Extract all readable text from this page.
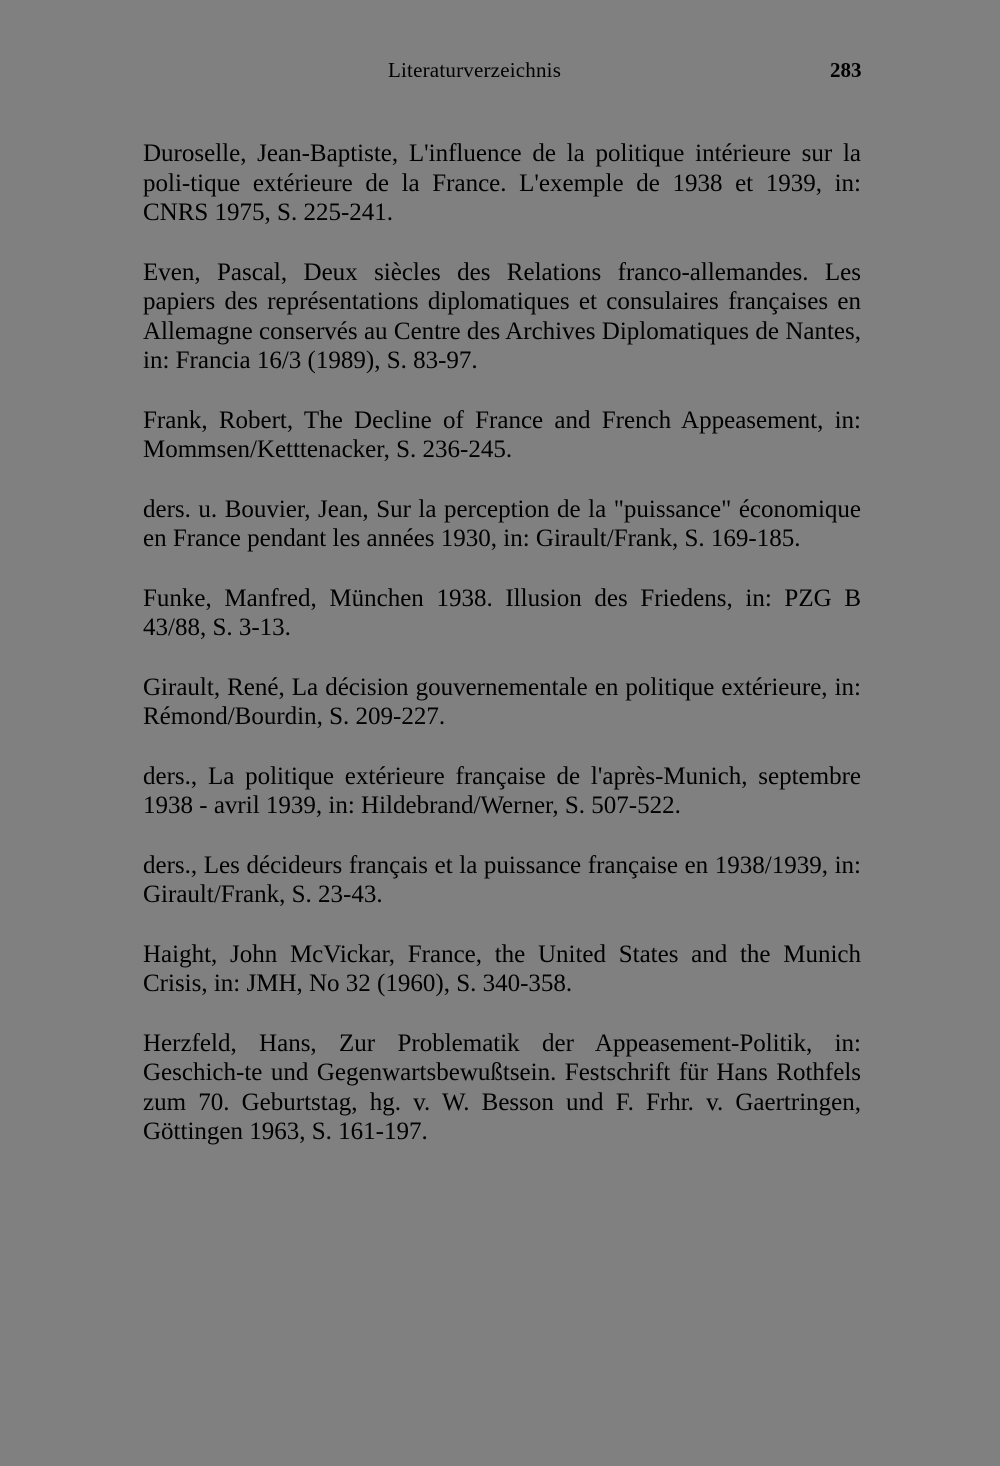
Literaturverzeichnis	283

Duroselle, Jean-Baptiste, L'influence de la politique intérieure sur la poli-tique extérieure de la France. L'exemple de 1938 et 1939, in: CNRS 1975, S. 225-241.

Even, Pascal, Deux siècles des Relations franco-allemandes. Les papiers des représentations diplomatiques et consulaires françaises en Allemagne conservés au Centre des Archives Diplomatiques de Nantes, in: Francia 16/3 (1989), S. 83-97.

Frank, Robert, The Decline of France and French Appeasement, in: Mommsen/Ketttenacker, S. 236-245.

ders. u. Bouvier, Jean, Sur la perception de la "puissance" économique en France pendant les années 1930, in: Girault/Frank, S. 169-185.

Funke, Manfred, München 1938. Illusion des Friedens, in: PZG B 43/88, S. 3-13.

Girault, René, La décision gouvernementale en politique extérieure, in: Rémond/Bourdin, S. 209-227.

ders., La politique extérieure française de l'après-Munich, septembre 1938 - avril 1939, in: Hildebrand/Werner, S. 507-522.

ders., Les décideurs français et la puissance française en 1938/1939, in: Girault/Frank, S. 23-43.

Haight, John McVickar, France, the United States and the Munich Crisis, in: JMH, No 32 (1960), S. 340-358.

Herzfeld, Hans, Zur Problematik der Appeasement-Politik, in: Geschich-te und Gegenwartsbewußtsein. Festschrift für Hans Rothfels zum 70. Geburtstag, hg. v. W. Besson und F. Frhr. v. Gaertringen, Göttingen 1963, S. 161-197.
